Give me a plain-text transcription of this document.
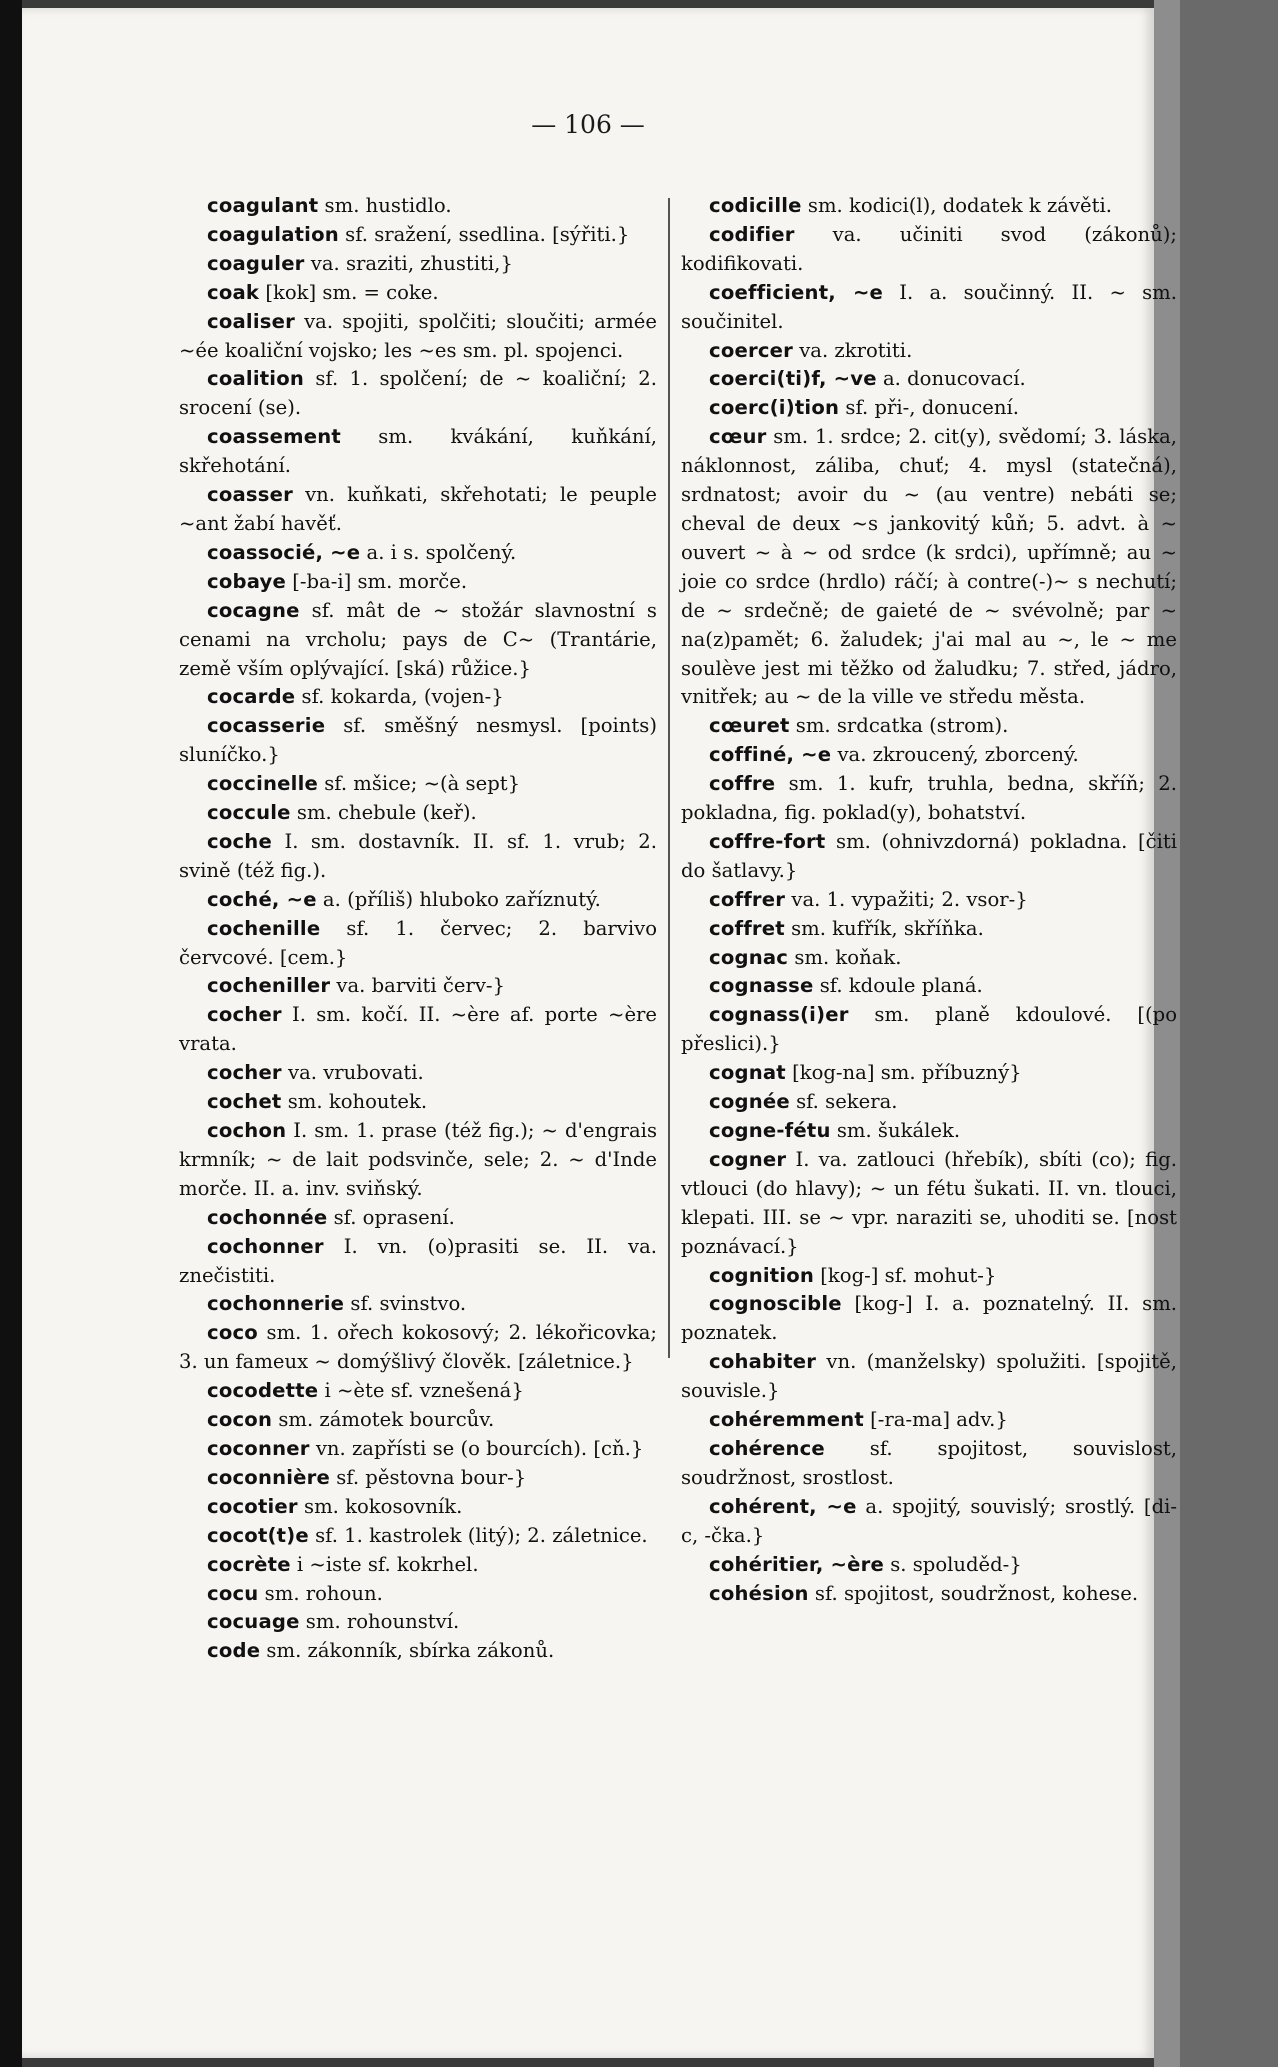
— 106 —

coagulant sm. hustidlo.

coagulation sf. sražení, ssedlina. [sýřiti.}

coaguler va. sraziti, zhustiti,}

coak [kok] sm. = coke.

coaliser va. spojiti, spolčiti; sloučiti; armée ~ée koaliční vojsko; les ~es sm. pl. spojenci.

coalition sf. 1. spolčení; de ~ koaliční; 2. srocení (se).

coassement sm. kvákání, kuňkání, skřehotání.

coasser vn. kuňkati, skřehotati; le peuple ~ant žabí havěť.

coassocié, ~e a. i s. spolčený.

cobaye [-ba-i] sm. morče.

cocagne sf. mât de ~ stožár slavnostní s cenami na vrcholu; pays de C~ (Trantárie, země vším oplývající. [ská) růžice.}

cocarde sf. kokarda, (vojen-}

cocasserie sf. směšný nesmysl. [points) sluníčko.}

coccinelle sf. mšice; ~(à sept}

coccule sm. chebule (keř).

coche I. sm. dostavník. II. sf. 1. vrub; 2. svině (též fig.).

coché, ~e a. (příliš) hluboko zaříznutý.

cochenille sf. 1. červec; 2. barvivo červcové. [cem.}

cocheniller va. barviti červ-}

cocher I. sm. kočí. II. ~ère af. porte ~ère vrata.

cocher va. vrubovati.

cochet sm. kohoutek.

cochon I. sm. 1. prase (též fig.); ~ d'engrais krmník; ~ de lait podsvinče, sele; 2. ~ d'Inde morče. II. a. inv. sviňský.

cochonnée sf. oprasení.

cochonner I. vn. (o)prasiti se. II. va. znečistiti.

cochonnerie sf. svinstvo.

coco sm. 1. ořech kokosový; 2. lékořicovka; 3. un fameux ~ domýšlivý člověk. [záletnice.}

cocodette i ~ète sf. vznešená}

cocon sm. zámotek bourcův.

coconner vn. zapřísti se (o bourcích). [cň.}

coconnière sf. pěstovna bour-}

cocotier sm. kokosovník.

cocot(t)e sf. 1. kastrolek (litý); 2. záletnice.

cocrète i ~iste sf. kokrhel.

cocu sm. rohoun.

cocuage sm. rohounství.

code sm. zákonník, sbírka zákonů.

codicille sm. kodici(l), dodatek k závěti.

codifier va. učiniti svod (zákonů); kodifikovati.

coefficient, ~e I. a. součinný. II. ~ sm. součinitel.

coercer va. zkrotiti.

coerci(ti)f, ~ve a. donucovací.

coerc(i)tion sf. při-, donucení.

cœur sm. 1. srdce; 2. cit(y), svědomí; 3. láska, náklonnost, záliba, chuť; 4. mysl (statečná), srdnatost; avoir du ~ (au ventre) nebáti se; cheval de deux ~s jankovitý kůň; 5. advt. à ~ ouvert ~ à ~ od srdce (k srdci), upřímně; au ~ joie co srdce (hrdlo) ráčí; à contre(-)~ s nechutí; de ~ srdečně; de gaieté de ~ svévolně; par ~ na(z)pamět; 6. žaludek; j'ai mal au ~, le ~ me soulève jest mi těžko od žaludku; 7. střed, jádro, vnitřek; au ~ de la ville ve středu města.

cœuret sm. srdcatka (strom).

coffiné, ~e va. zkroucený, zborcený.

coffre sm. 1. kufr, truhla, bedna, skříň; 2. pokladna, fig. poklad(y), bohatství.

coffre-fort sm. (ohnivzdorná) pokladna. [čiti do šatlavy.}

coffrer va. 1. vypažiti; 2. vsor-}

coffret sm. kufřík, skříňka.

cognac sm. koňak.

cognasse sf. kdoule planá.

cognass(i)er sm. planě kdoulové. [(po přeslici).}

cognat [kog-na] sm. příbuzný}

cognée sf. sekera.

cogne-fétu sm. šukálek.

cogner I. va. zatlouci (hřebík), sbíti (co); fig. vtlouci (do hlavy); ~ un fétu šukati. II. vn. tlouci, klepati. III. se ~ vpr. naraziti se, uhoditi se. [nost poznávací.}

cognition [kog-] sf. mohut-}

cognoscible [kog-] I. a. poznatelný. II. sm. poznatek.

cohabiter vn. (manželsky) spolužiti. [spojitě, souvisle.}

cohéremment [-ra-ma] adv.}

cohérence sf. spojitost, souvislost, soudržnost, srostlost.

cohérent, ~e a. spojitý, souvislý; srostlý. [di-c, -čka.}

cohéritier, ~ère s. spoluděd-}

cohésion sf. spojitost, soudržnost, kohese.
